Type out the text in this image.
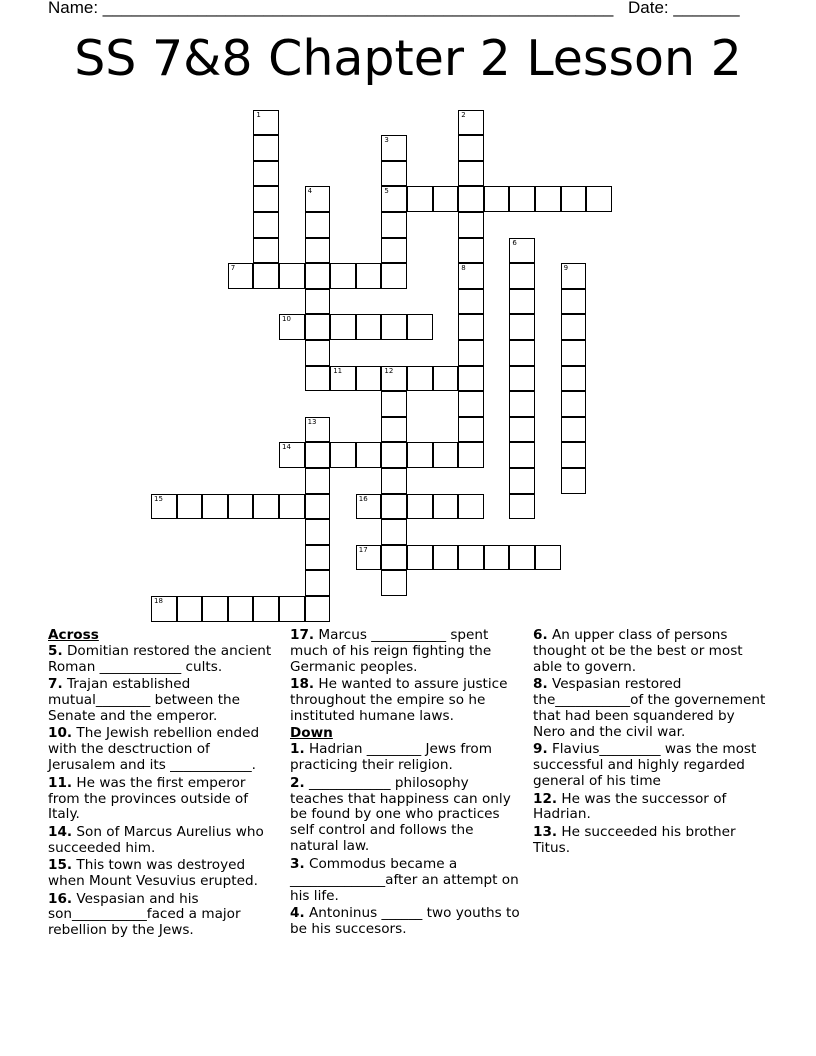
Name: ______________________________________________________ Date: _______
SS 7&8 Chapter 2 Lesson 2
1	2
3
5
4
6
7	8	9
10
11	12
13
14
15	16
17
18
Across
5. Domitian restored the ancient Roman ____________ cults.
7. Trajan established mutual________ between the Senate and the emperor.
10. The Jewish rebellion ended with the desctruction of Jerusalem and its ____________.
11. He was the first emperor from the provinces outside of Italy.
14. Son of Marcus Aurelius who succeeded him.
15. This town was destroyed when Mount Vesuvius erupted.
16. Vespasian and his son___________faced a major rebellion by the Jews.
17. Marcus ___________ spent much of his reign fighting the Germanic peoples.
18. He wanted to assure justice throughout the empire so he instituted humane laws.
Down
1. Hadrian ________ Jews from practicing their religion.
2. ____________ philosophy teaches that happiness can only be found by one who practices self control and follows the natural law.
3. Commodus became a ______________after an attempt on his life.
4. Antoninus ______ two youths to be his succesors.
6. An upper class of persons thought ot be the best or most able to govern.
8. Vespasian restored the___________of the governement that had been squandered by Nero and the civil war.
9. Flavius_________ was the most successful and highly regarded general of his time
12. He was the successor of Hadrian.
13. He succeeded his brother Titus.
